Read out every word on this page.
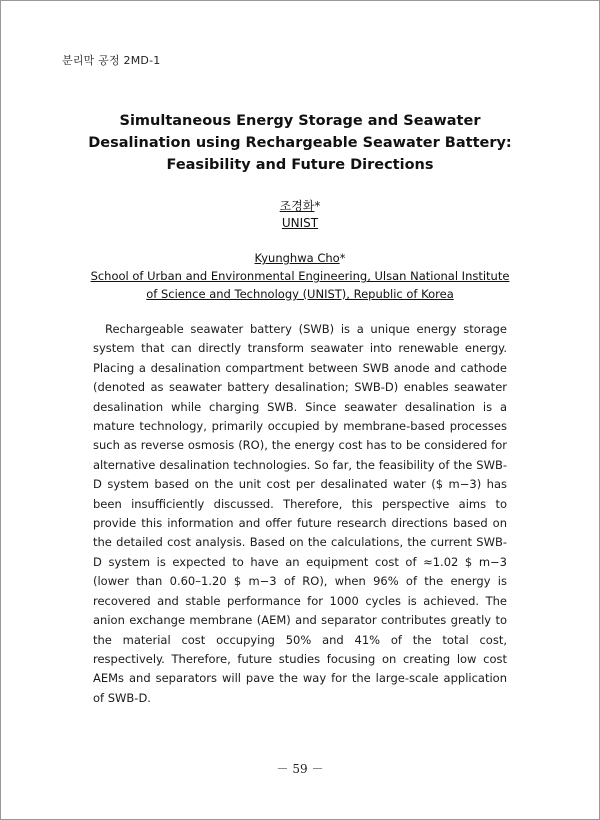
분리막 공정 2MD-1
Simultaneous Energy Storage and Seawater Desalination using Rechargeable Seawater Battery: Feasibility and Future Directions
조경화*
UNIST
Kyunghwa Cho*
School of Urban and Environmental Engineering, Ulsan National Institute of Science and Technology (UNIST), Republic of Korea
Rechargeable seawater battery (SWB) is a unique energy storage system that can directly transform seawater into renewable energy. Placing a desalination compartment between SWB anode and cathode (denoted as seawater battery desalination; SWB-D) enables seawater desalination while charging SWB. Since seawater desalination is a mature technology, primarily occupied by membrane-based processes such as reverse osmosis (RO), the energy cost has to be considered for alternative desalination technologies. So far, the feasibility of the SWB-D system based on the unit cost per desalinated water ($ m−3) has been insufficiently discussed. Therefore, this perspective aims to provide this information and offer future research directions based on the detailed cost analysis. Based on the calculations, the current SWB-D system is expected to have an equipment cost of ≈1.02 $ m−3 (lower than 0.60–1.20 $ m−3 of RO), when 96% of the energy is recovered and stable performance for 1000 cycles is achieved. The anion exchange membrane (AEM) and separator contributes greatly to the material cost occupying 50% and 41% of the total cost, respectively. Therefore, future studies focusing on creating low cost AEMs and separators will pave the way for the large-scale application of SWB-D.
－ 59 －
